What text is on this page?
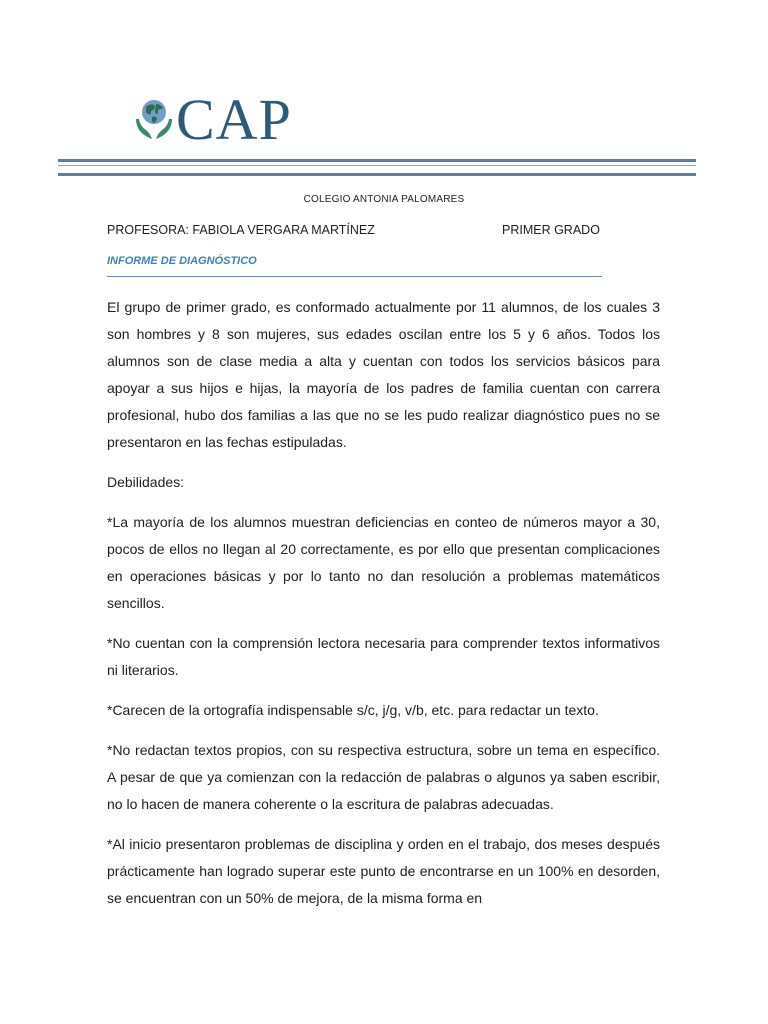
CAP
COLEGIO ANTONIA PALOMARES
PROFESORA: FABIOLA VERGARA MARTÍNEZ	PRIMER GRADO
INFORME DE DIAGNÓSTICO

El grupo de primer grado, es conformado actualmente por 11 alumnos, de los cuales 3 son hombres y 8 son mujeres, sus edades oscilan entre los 5 y 6 años. Todos los alumnos son de clase media a alta y cuentan con todos los servicios básicos para apoyar a sus hijos e hijas, la mayoría de los padres de familia cuentan con carrera profesional, hubo dos familias a las que no se les pudo realizar diagnóstico pues no se presentaron en las fechas estipuladas.

Debilidades:

*La mayoría de los alumnos muestran deficiencias en conteo de números mayor a 30, pocos de ellos no llegan al 20 correctamente, es por ello que presentan complicaciones en operaciones básicas y por lo tanto no dan resolución a problemas matemáticos sencillos.

*No cuentan con la comprensión lectora necesaria para comprender textos informativos ni literarios.

*Carecen de la ortografía indispensable s/c, j/g, v/b, etc. para redactar un texto.

*No redactan textos propios, con su respectiva estructura, sobre un tema en específico. A pesar de que ya comienzan con la redacción de palabras o algunos ya saben escribir, no lo hacen de manera coherente o la escritura de palabras adecuadas.

*Al inicio presentaron problemas de disciplina y orden en el trabajo, dos meses después prácticamente han logrado superar este punto de encontrarse en un 100% en desorden, se encuentran con un 50% de mejora, de la misma forma en
